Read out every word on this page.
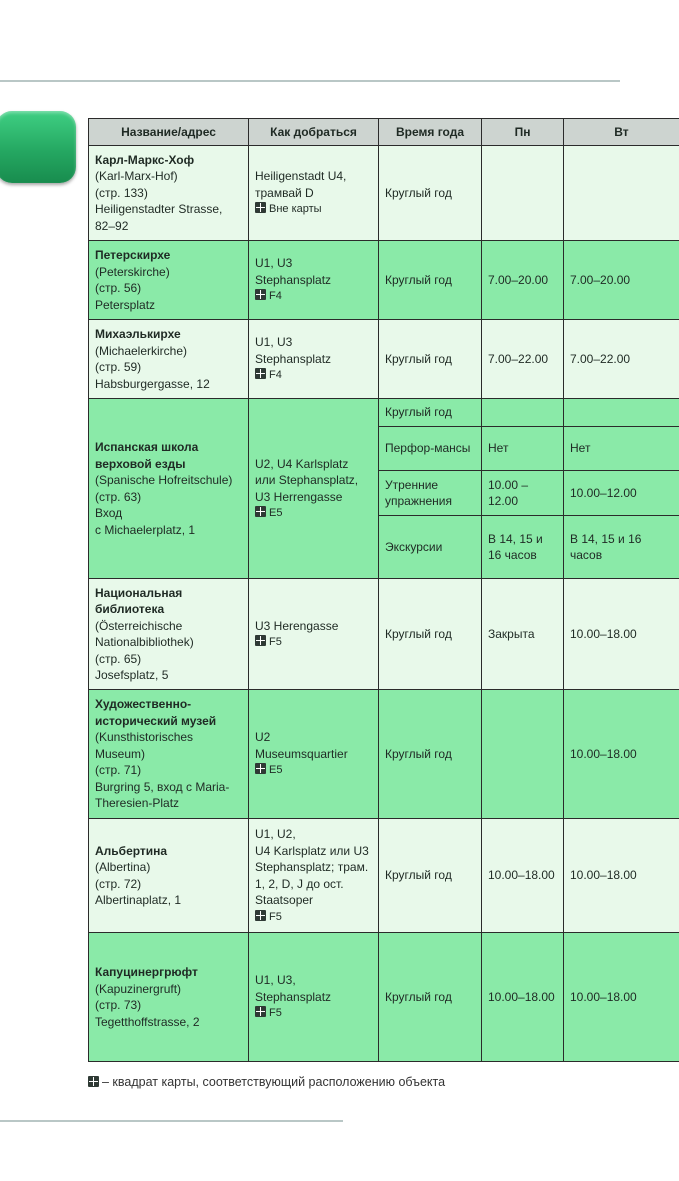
Название/адрес	Как добраться	Время года	Пн	Вт

Карл-Маркс-Хоф
(Karl-Marx-Hof)
(стр. 133)
Heiligenstadter Strasse, 82–92	Heiligenstadt U4,
трамвай D
Вне карты	Круглый год		

Петерскирхе
(Peterskirche)
(стр. 56)
Petersplatz	U1, U3
Stephansplatz
F4	Круглый год	7.00–20.00	7.00–20.00

Михаэлькирхе
(Michaelerkirche)
(стр. 59)
Habsburgergasse, 12	U1, U3
Stephansplatz
F4	Круглый год	7.00–22.00	7.00–22.00

Испанская школа верховой езды
(Spanische Hofreitschule)
(стр. 63)
Вход
с Michaelerplatz, 1	U2, U4 Karlsplatz или Stephansplatz, U3 Herrengasse
E5	Круглый год		
		Перфор-мансы	Нет	Нет
		Утренние упражнения	10.00 – 12.00	10.00–12.00
		Экскурсии	В 14, 15 и 16 часов	В 14, 15 и 16 часов

Национальная библиотека
(Österreichische Nationalbibliothek)
(стр. 65)
Josefsplatz, 5	U3 Herengasse
F5	Круглый год	Закрыта	10.00–18.00

Художественно-исторический музей
(Kunsthistorisches Museum)
(стр. 71)
Burgring 5, вход с Maria-Theresien-Platz	U2
Museumsquartier
E5	Круглый год		10.00–18.00

Альбертина
(Albertina)
(стр. 72)
Albertinaplatz, 1	U1, U2,
U4 Karlsplatz или U3 Stephansplatz; трам. 1, 2, D, J до ост. Staatsoper
F5	Круглый год	10.00–18.00	10.00–18.00

Капуцинергрюфт
(Kapuzinergruft)
(стр. 73)
Tegetthoffstrasse, 2	U1, U3,
Stephansplatz
F5	Круглый год	10.00–18.00	10.00–18.00
– квадрат карты, соответствующий расположению объекта
